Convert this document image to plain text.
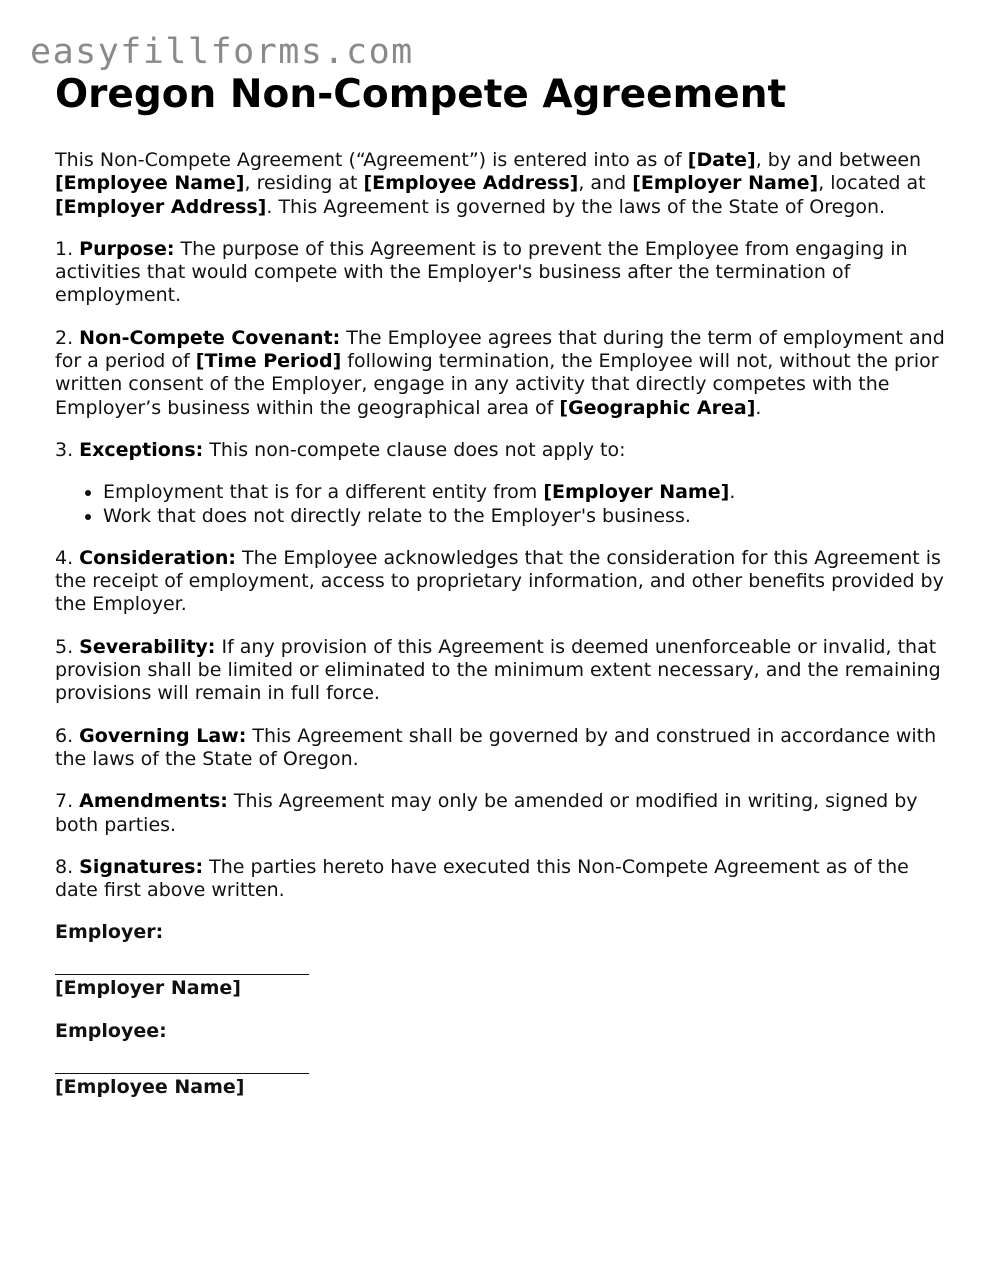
easyfillforms.com
Oregon Non-Compete Agreement

This Non-Compete Agreement (“Agreement”) is entered into as of [Date], by and between [Employee Name], residing at [Employee Address], and [Employer Name], located at [Employer Address]. This Agreement is governed by the laws of the State of Oregon.

1. Purpose: The purpose of this Agreement is to prevent the Employee from engaging in activities that would compete with the Employer's business after the termination of employment.

2. Non-Compete Covenant: The Employee agrees that during the term of employment and for a period of [Time Period] following termination, the Employee will not, without the prior written consent of the Employer, engage in any activity that directly competes with the Employer’s business within the geographical area of [Geographic Area].

3. Exceptions: This non-compete clause does not apply to:

• Employment that is for a different entity from [Employer Name].
• Work that does not directly relate to the Employer's business.

4. Consideration: The Employee acknowledges that the consideration for this Agreement is the receipt of employment, access to proprietary information, and other benefits provided by the Employer.

5. Severability: If any provision of this Agreement is deemed unenforceable or invalid, that provision shall be limited or eliminated to the minimum extent necessary, and the remaining provisions will remain in full force.

6. Governing Law: This Agreement shall be governed by and construed in accordance with the laws of the State of Oregon.

7. Amendments: This Agreement may only be amended or modified in writing, signed by both parties.

8. Signatures: The parties hereto have executed this Non-Compete Agreement as of the date first above written.

Employer:
[Employer Name]
Employee:
[Employee Name]
